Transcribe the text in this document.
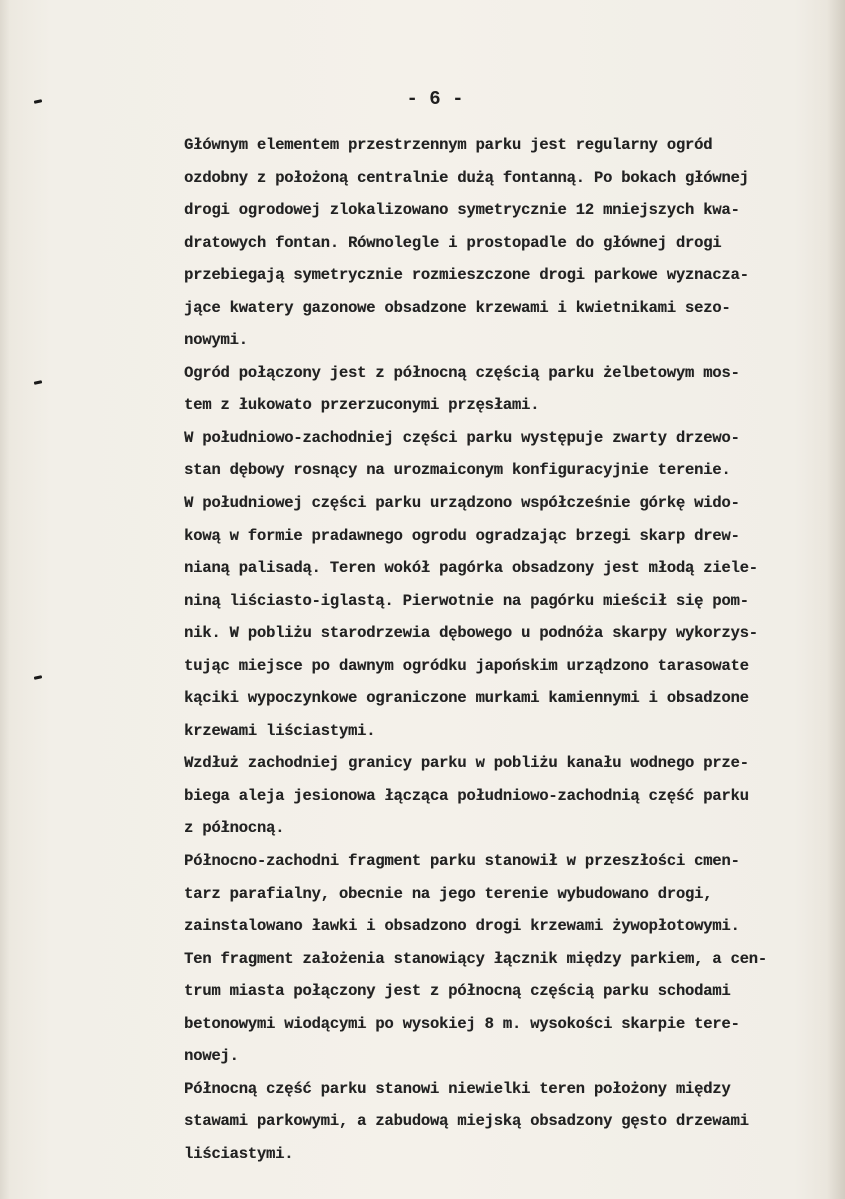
- 6 -
Głównym elementem przestrzennym parku jest regularny ogród
ozdobny z położoną centralnie dużą fontanną. Po bokach głównej
drogi ogrodowej zlokalizowano symetrycznie 12 mniejszych kwa-
dratowych fontan. Równolegle i prostopadle do głównej drogi
przebiegają symetrycznie rozmieszczone drogi parkowe wyznacza-
jące kwatery gazonowe obsadzone krzewami i kwietnikami sezo-
nowymi.
Ogród połączony jest z północną częścią parku żelbetowym mos-
tem z łukowato przerzuconymi przęsłami.
W południowo-zachodniej części parku występuje zwarty drzewo-
stan dębowy rosnący na urozmaiconym konfiguracyjnie terenie.
W południowej części parku urządzono współcześnie górkę wido-
kową w formie pradawnego ogrodu ogradzając brzegi skarp drew-
nianą palisadą. Teren wokół pagórka obsadzony jest młodą ziele-
niną liściasto-iglastą. Pierwotnie na pagórku mieścił się pom-
nik. W pobliżu starodrzewia dębowego u podnóża skarpy wykorzys-
tując miejsce po dawnym ogródku japońskim urządzono tarasowate
kąciki wypoczynkowe ograniczone murkami kamiennymi i obsadzone
krzewami liściastymi.
Wzdłuż zachodniej granicy parku w pobliżu kanału wodnego prze-
biega aleja jesionowa łącząca południowo-zachodnią część parku
z północną.
Północno-zachodni fragment parku stanowił w przeszłości cmen-
tarz parafialny, obecnie na jego terenie wybudowano drogi,
zainstalowano ławki i obsadzono drogi krzewami żywopłotowymi.
Ten fragment założenia stanowiący łącznik między parkiem, a cen-
trum miasta połączony jest z północną częścią parku schodami
betonowymi wiodącymi po wysokiej 8 m. wysokości skarpie tere-
nowej.
Północną część parku stanowi niewielki teren położony między
stawami parkowymi, a zabudową miejską obsadzony gęsto drzewami
liściastymi.
